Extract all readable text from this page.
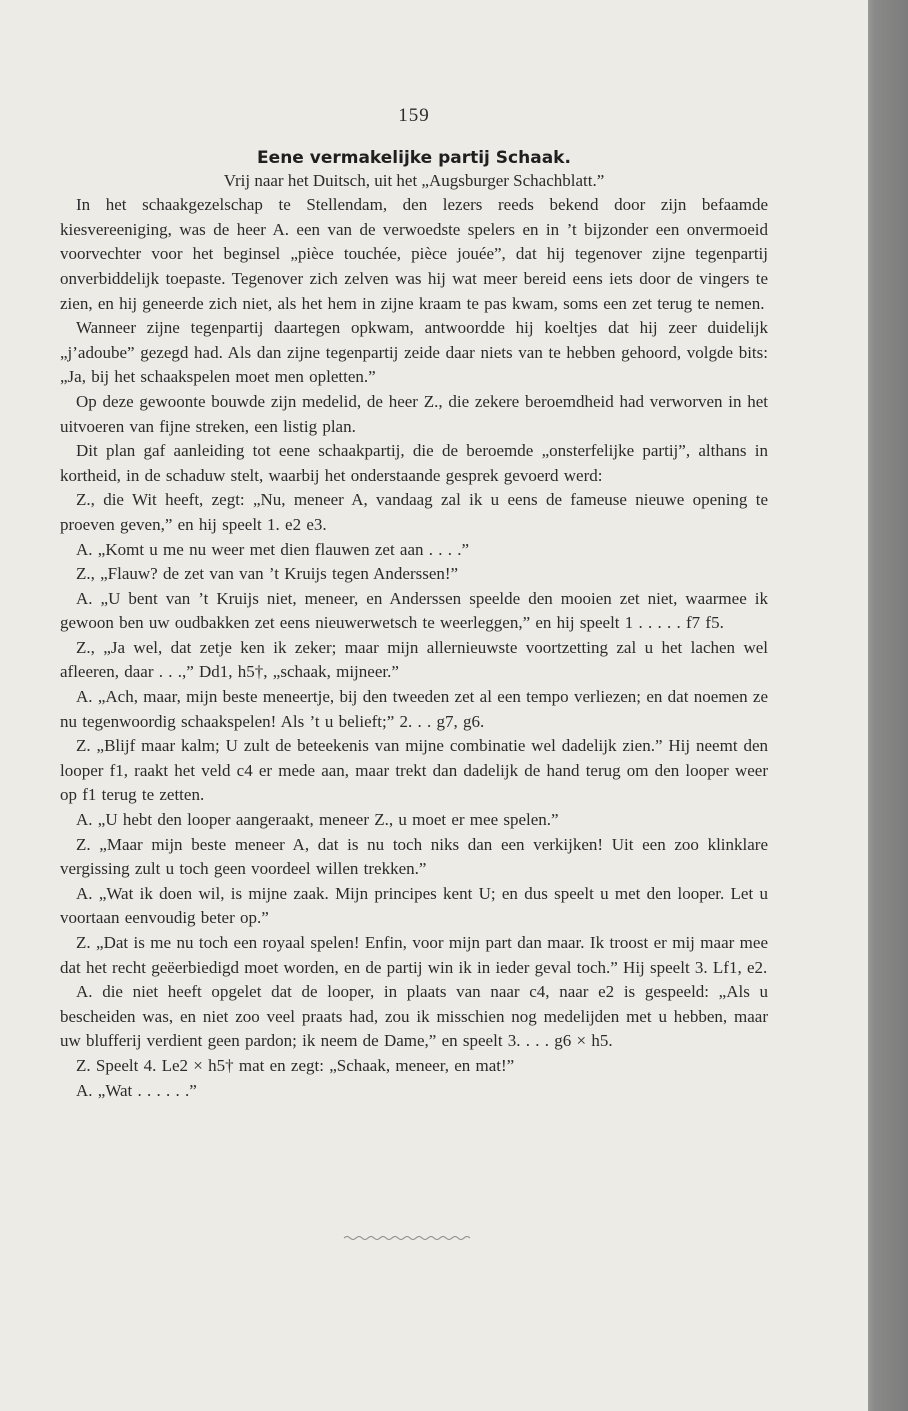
159
Eene vermakelijke partij Schaak.

Vrij naar het Duitsch, uit het „Augsburger Schachblatt.”

In het schaakgezelschap te Stellendam, den lezers reeds bekend door zijn befaamde kiesvereeniging, was de heer A. een van de verwoedste spelers en in ’t bijzonder een onvermoeid voorvechter voor het beginsel „pièce touchée, pièce jouée”, dat hij tegenover zijne tegenpartij onverbiddelijk toepaste. Tegenover zich zelven was hij wat meer bereid eens iets door de vingers te zien, en hij geneerde zich niet, als het hem in zijne kraam te pas kwam, soms een zet terug te nemen.

Wanneer zijne tegenpartij daartegen opkwam, antwoordde hij koeltjes dat hij zeer duidelijk „j’adoube” gezegd had. Als dan zijne tegenpartij zeide daar niets van te hebben gehoord, volgde bits: „Ja, bij het schaakspelen moet men opletten.”

Op deze gewoonte bouwde zijn medelid, de heer Z., die zekere beroemdheid had verworven in het uitvoeren van fijne streken, een listig plan.

Dit plan gaf aanleiding tot eene schaakpartij, die de beroemde „onsterfelijke partij”, althans in kortheid, in de schaduw stelt, waarbij het onderstaande gesprek gevoerd werd:

Z., die Wit heeft, zegt: „Nu, meneer A, vandaag zal ik u eens de fameuse nieuwe opening te proeven geven,” en hij speelt 1. e2 e3.

A. „Komt u me nu weer met dien flauwen zet aan . . . .”

Z., „Flauw? de zet van van ’t Kruijs tegen Anderssen!”

A. „U bent van ’t Kruijs niet, meneer, en Anderssen speelde den mooien zet niet, waarmee ik gewoon ben uw oudbakken zet eens nieuwerwetsch te weerleggen,” en hij speelt 1 . . . . . f7 f5.

Z., „Ja wel, dat zetje ken ik zeker; maar mijn allernieuwste voortzetting zal u het lachen wel afleeren, daar . . .,” Dd1, h5†, „schaak, mijneer.”

A. „Ach, maar, mijn beste meneertje, bij den tweeden zet al een tempo verliezen; en dat noemen ze nu tegenwoordig schaakspelen! Als ’t u belieft;” 2. . . g7, g6.

Z. „Blijf maar kalm; U zult de beteekenis van mijne combinatie wel dadelijk zien.” Hij neemt den looper f1, raakt het veld c4 er mede aan, maar trekt dan dadelijk de hand terug om den looper weer op f1 terug te zetten.

A. „U hebt den looper aangeraakt, meneer Z., u moet er mee spelen.”

Z. „Maar mijn beste meneer A, dat is nu toch niks dan een verkijken! Uit een zoo klinklare vergissing zult u toch geen voordeel willen trekken.”

A. „Wat ik doen wil, is mijne zaak. Mijn principes kent U; en dus speelt u met den looper. Let u voortaan eenvoudig beter op.”

Z. „Dat is me nu toch een royaal spelen! Enfin, voor mijn part dan maar. Ik troost er mij maar mee dat het recht geëerbiedigd moet worden, en de partij win ik in ieder geval toch.” Hij speelt 3. Lf1, e2.

A. die niet heeft opgelet dat de looper, in plaats van naar c4, naar e2 is gespeeld: „Als u bescheiden was, en niet zoo veel praats had, zou ik misschien nog medelijden met u hebben, maar uw blufferij verdient geen pardon; ik neem de Dame,” en speelt 3. . . . g6 × h5.

Z. Speelt 4. Le2 × h5† mat en zegt: „Schaak, meneer, en mat!”

A. „Wat . . . . . .”
